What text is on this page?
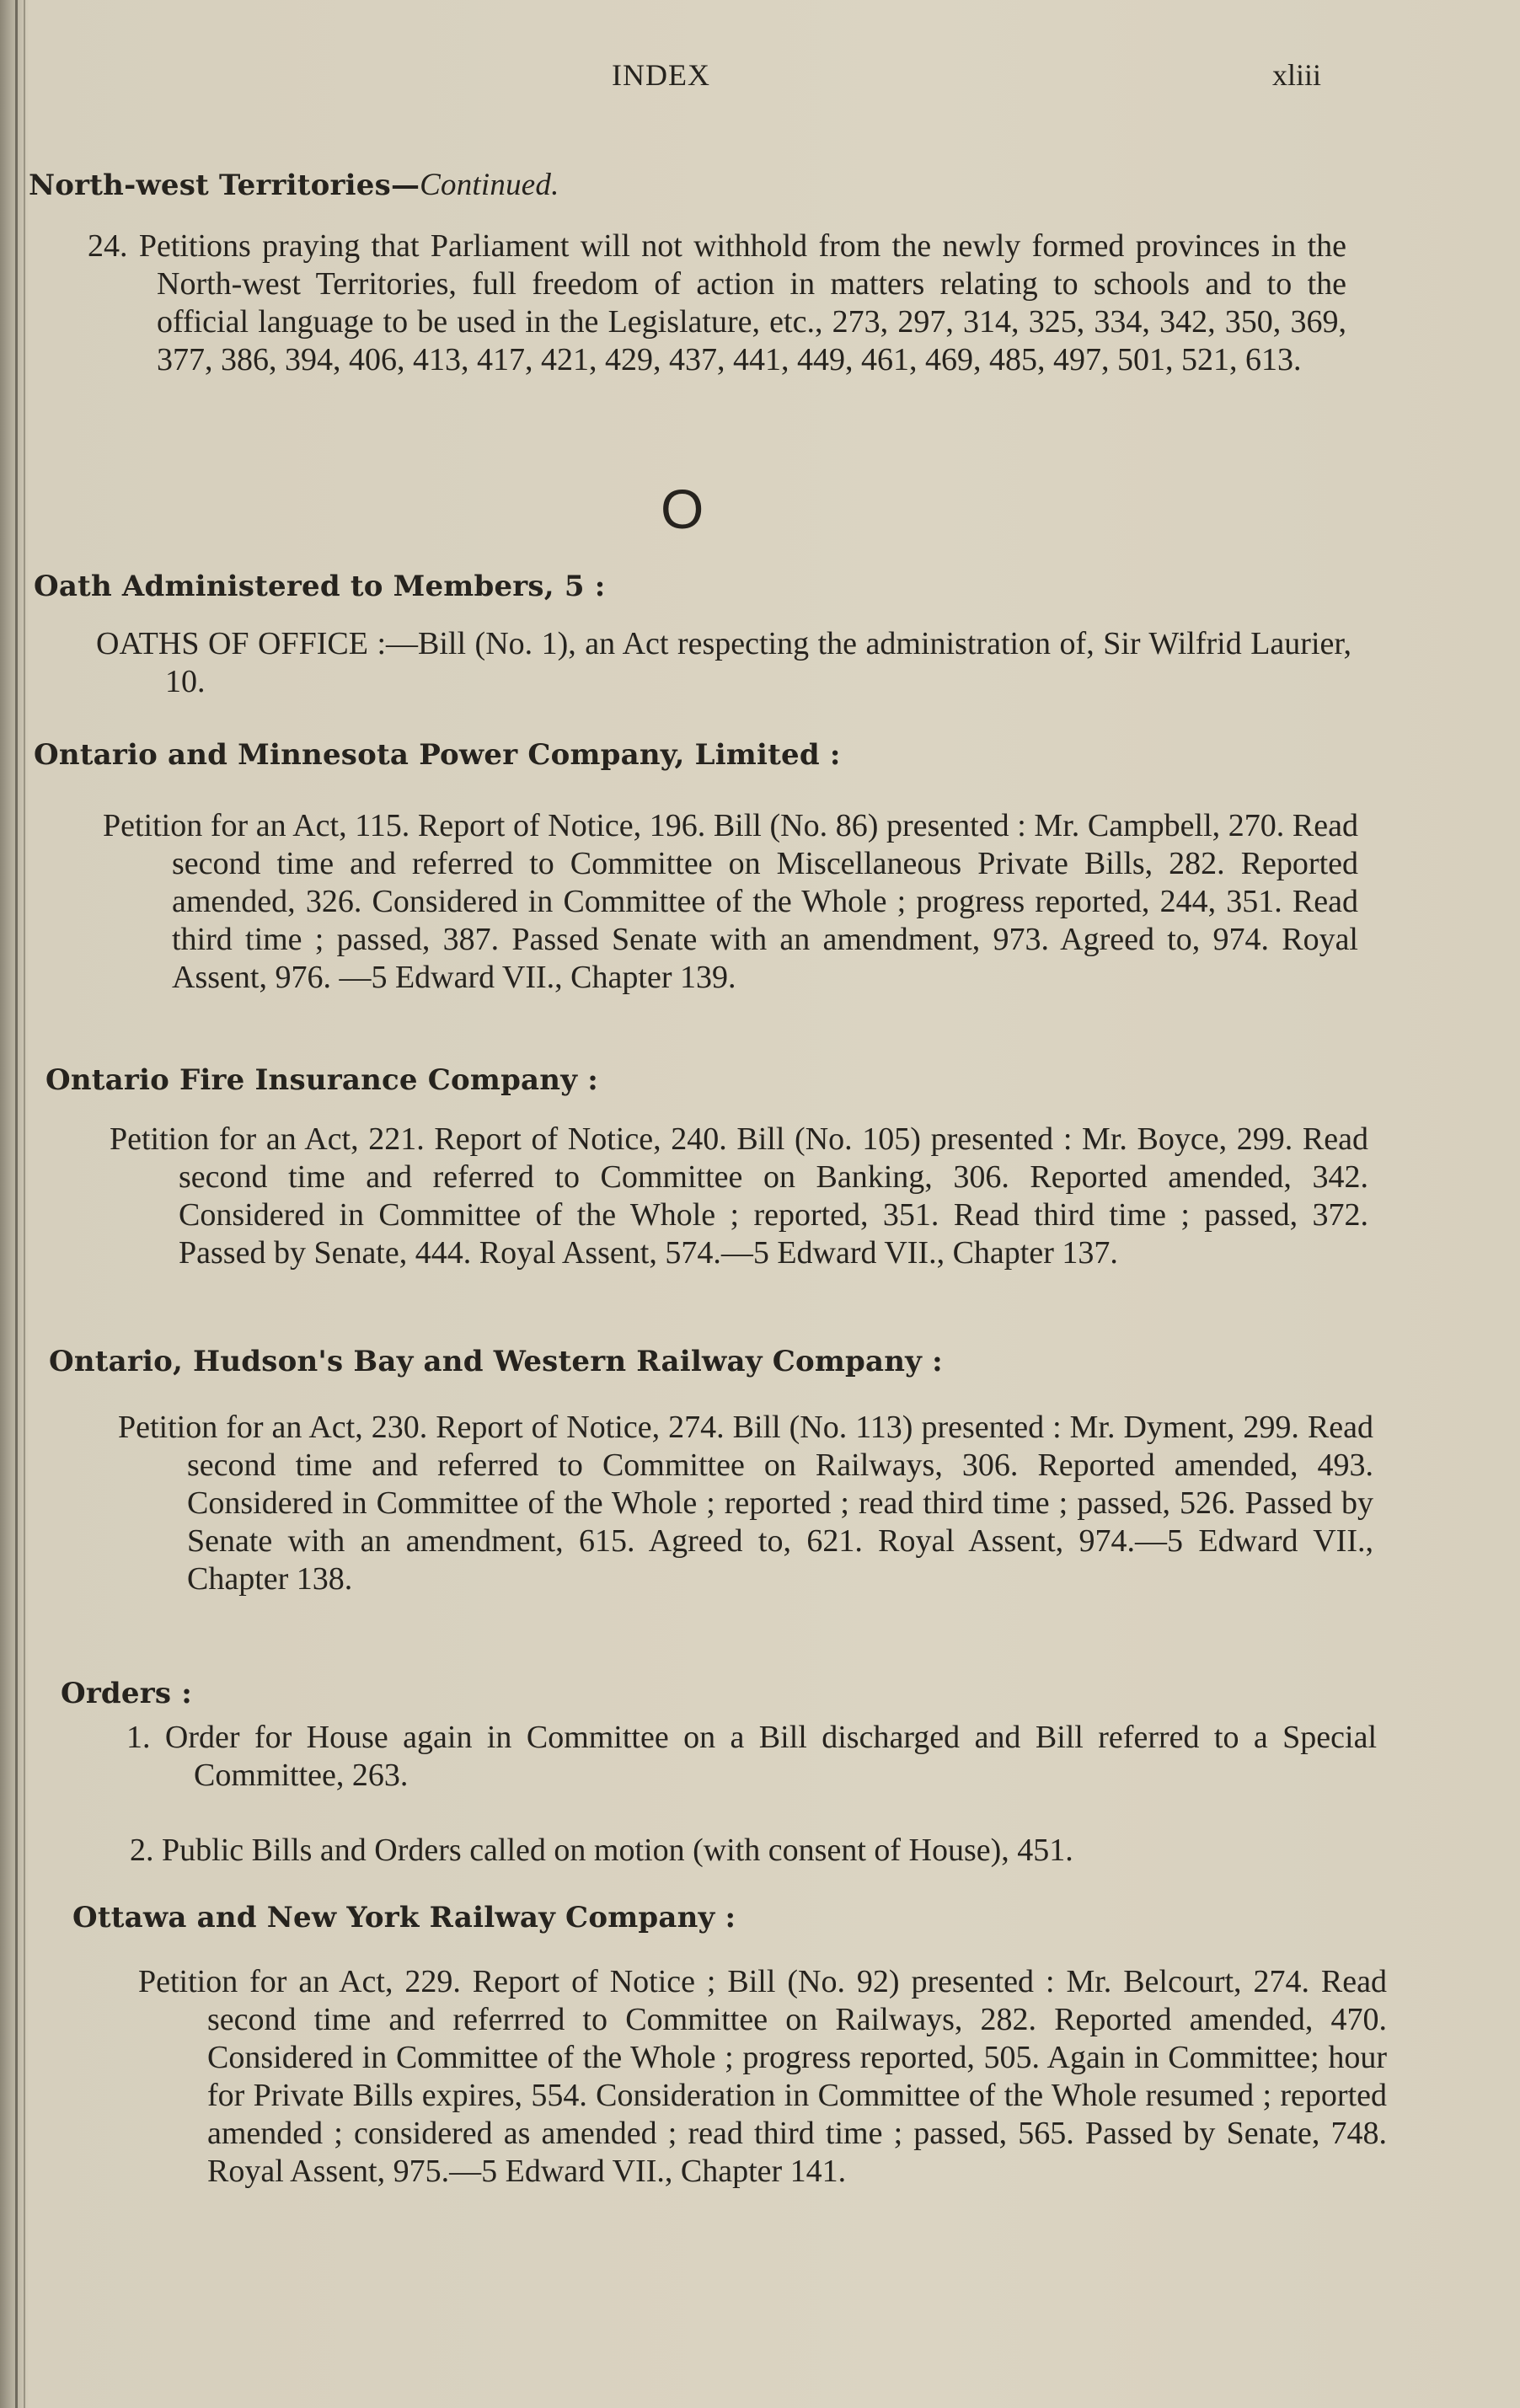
INDEX	xliii
North-west Territories—Continued.
24. Petitions praying that Parliament will not withhold from the newly formed provinces in the North-west Territories, full freedom of action in matters relating to schools and to the official language to be used in the Legislature, etc., 273, 297, 314, 325, 334, 342, 350, 369, 377, 386, 394, 406, 413, 417, 421, 429, 437, 441, 449, 461, 469, 485, 497, 501, 521, 613.
O
Oath Administered to Members, 5 :
OATHS OF OFFICE :—Bill (No. 1), an Act respecting the administration of, Sir Wilfrid Laurier, 10.
Ontario and Minnesota Power Company, Limited :
Petition for an Act, 115. Report of Notice, 196. Bill (No. 86) presented : Mr. Campbell, 270. Read second time and referred to Committee on Miscellaneous Private Bills, 282. Reported amended, 326. Considered in Committee of the Whole ; progress reported, 244, 351. Read third time ; passed, 387. Passed Senate with an amendment, 973. Agreed to, 974. Royal Assent, 976. —5 Edward VII., Chapter 139.
Ontario Fire Insurance Company :
Petition for an Act, 221. Report of Notice, 240. Bill (No. 105) presented : Mr. Boyce, 299. Read second time and referred to Committee on Banking, 306. Reported amended, 342. Considered in Committee of the Whole ; reported, 351. Read third time ; passed, 372. Passed by Senate, 444. Royal Assent, 574.—5 Edward VII., Chapter 137.
Ontario, Hudson's Bay and Western Railway Company :
Petition for an Act, 230. Report of Notice, 274. Bill (No. 113) presented : Mr. Dyment, 299. Read second time and referred to Committee on Railways, 306. Reported amended, 493. Considered in Committee of the Whole ; reported ; read third time ; passed, 526. Passed by Senate with an amendment, 615. Agreed to, 621. Royal Assent, 974.—5 Edward VII., Chapter 138.
Orders :
1. Order for House again in Committee on a Bill discharged and Bill referred to a Special Committee, 263.
2. Public Bills and Orders called on motion (with consent of House), 451.
Ottawa and New York Railway Company :
Petition for an Act, 229. Report of Notice ; Bill (No. 92) presented : Mr. Belcourt, 274. Read second time and referrred to Committee on Railways, 282. Reported amended, 470. Considered in Committee of the Whole ; progress reported, 505. Again in Committee; hour for Private Bills expires, 554. Consideration in Committee of the Whole resumed ; reported amended ; considered as amended ; read third time ; passed, 565. Passed by Senate, 748. Royal Assent, 975.—5 Edward VII., Chapter 141.
